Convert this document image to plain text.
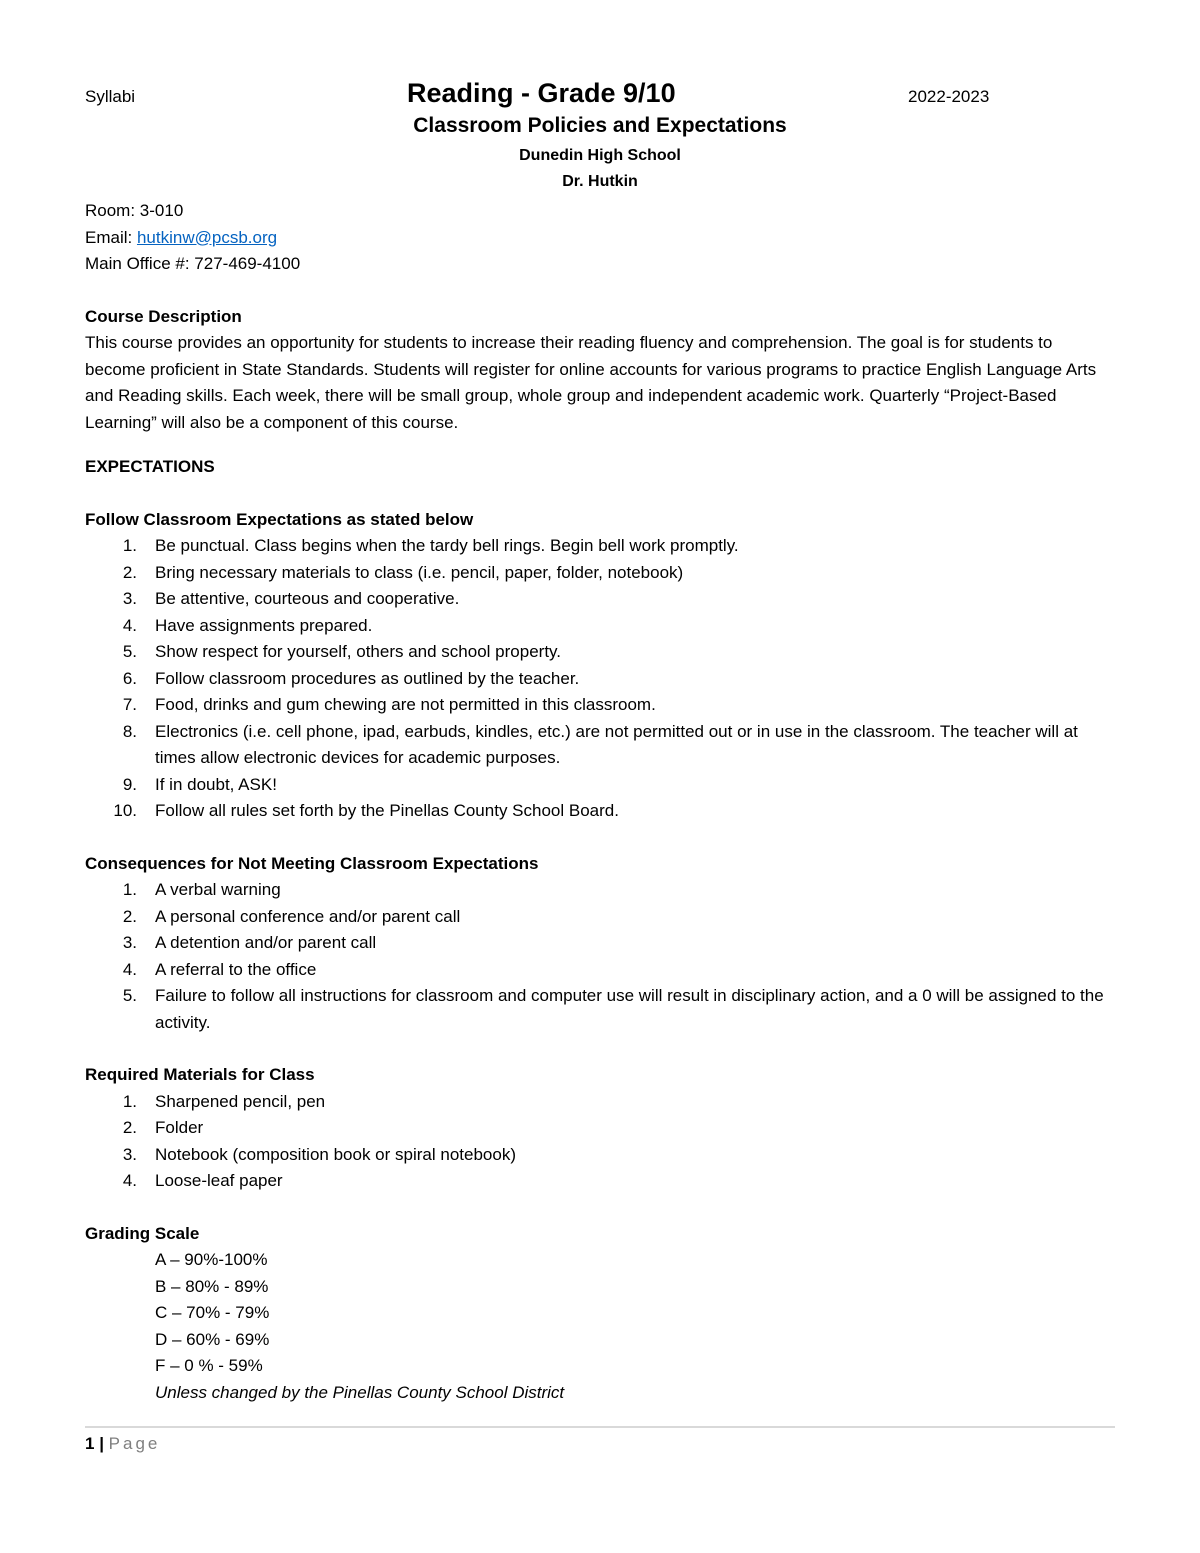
Syllabi	Reading - Grade 9/10	2022-2023
Classroom Policies and Expectations
Dunedin High School
Dr. Hutkin

Room: 3-010

Email: hutkinw@pcsb.org

Main Office #: 727-469-4100

Course Description

This course provides an opportunity for students to increase their reading fluency and comprehension. The goal is for students to become proficient in State Standards. Students will register for online accounts for various programs to practice English Language Arts and Reading skills. Each week, there will be small group, whole group and independent academic work. Quarterly “Project-Based Learning” will also be a component of this course.

EXPECTATIONS

Follow Classroom Expectations as stated below

1. Be punctual. Class begins when the tardy bell rings. Begin bell work promptly.
2. Bring necessary materials to class (i.e. pencil, paper, folder, notebook)
3. Be attentive, courteous and cooperative.
4. Have assignments prepared.
5. Show respect for yourself, others and school property.
6. Follow classroom procedures as outlined by the teacher.
7. Food, drinks and gum chewing are not permitted in this classroom.
8. Electronics (i.e. cell phone, ipad, earbuds, kindles, etc.) are not permitted out or in use in the classroom. The teacher will at times allow electronic devices for academic purposes.
9. If in doubt, ASK!
10. Follow all rules set forth by the Pinellas County School Board.

Consequences for Not Meeting Classroom Expectations

1. A verbal warning
2. A personal conference and/or parent call
3. A detention and/or parent call
4. A referral to the office
5. Failure to follow all instructions for classroom and computer use will result in disciplinary action, and a 0 will be assigned to the activity.

Required Materials for Class

1. Sharpened pencil, pen
2. Folder
3. Notebook (composition book or spiral notebook)
4. Loose-leaf paper

Grading Scale

A – 90%-100%

B – 80% - 89%

C – 70% - 79%

D – 60% - 69%

F – 0 % - 59%

Unless changed by the Pinellas County School District

1 | Page
